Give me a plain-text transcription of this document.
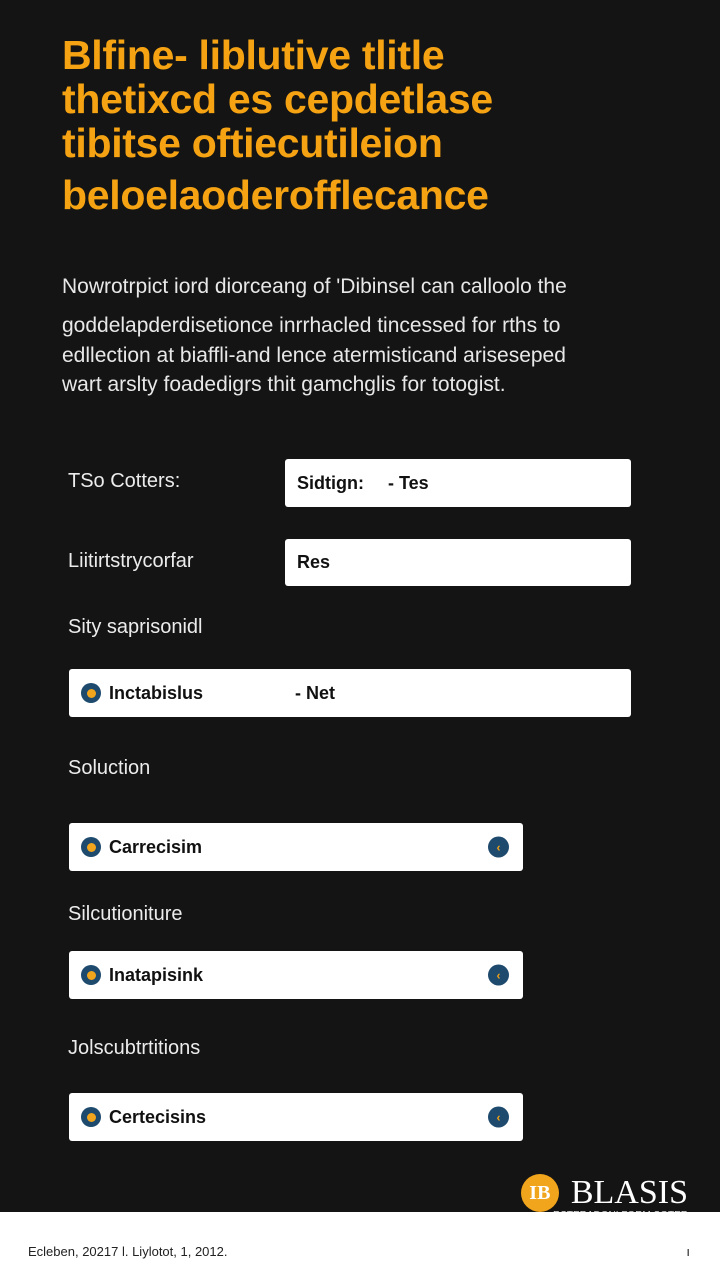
Blfine- liblutive tlitle
thetixcd es cepdetlase
tibitse oftiecutileion
beloelaoderofflecance
Nowrotrpict iord diorceang of 'Dibinsel can calloolo the
goddelapderdisetionce inrrhacled tincessed for rths to
edllection at biaffli-and lence atermisticand ariseseped
wart arslty foadedigrs thit gamchglis for totogist.
TSo Cotters:	Sidtign: - Tes
Liitirtstrycorfar	Res
Sity saprisonidl
Inctabislus	- Net
Soluction
Carrecisim	‹
Silcutioniture
Inatapisink	‹
Jolscubtrtitions
Certecisins	‹
IB BLASIS
Ecleben, 20217 l. Liylotot, 1, 2012.	ı
